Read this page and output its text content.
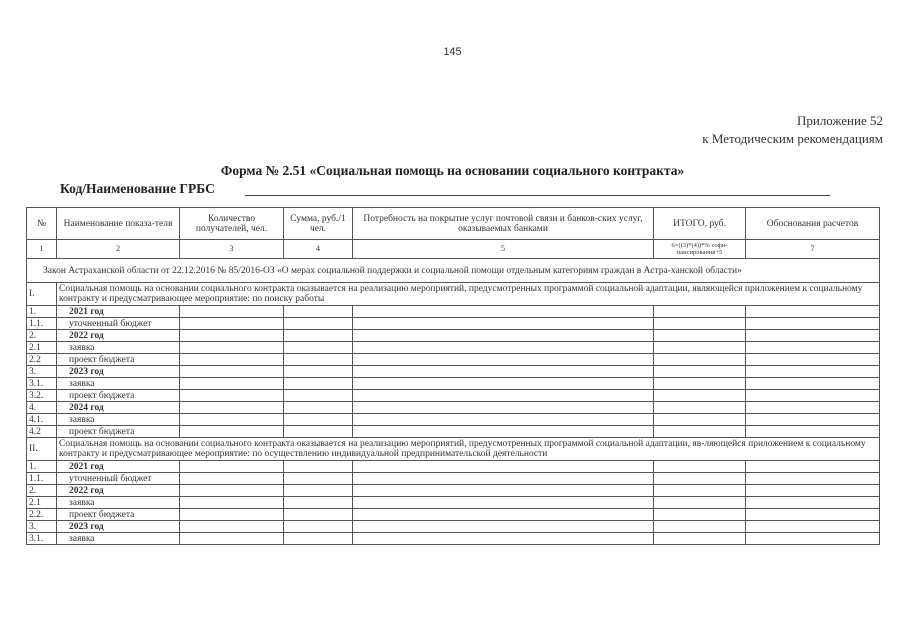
145
Приложение 52
к Методическим рекомендациям
Форма № 2.51 «Социальная помощь на основании социального контракта»
Код/Наименование ГРБС
№	Наименование показа-теля	Количество получателей, чел.	Сумма, руб./1 чел.	Потребность на покрытие услуг почтовой связи и банков-ских услуг, оказываемых банками	ИТОГО, руб.	Обоснования расчетов
1	2	3	4	5	6=((3)*(4))*% софи-нансирования+5	7
Закон Астраханской области от 22.12.2016 № 85/2016-ОЗ «О мерах социальной поддержки и социальной помощи отдельным категориям граждан в Астра-ханской области»						
I.	Социальная помощь на основании социального контракта оказывается на реализацию мероприятий, предусмотренных программой социальной адаптации, являющейся приложением к социальному контракту и предусматривающее мероприятие: по поиску работы					
1.	2021 год					
1.1.	уточненный бюджет					
2.	2022 год					
2.1	заявка					
2.2	проект бюджета					
3.	2023 год					
3.1.	заявка					
3.2.	проект бюджета					
4.	2024 год					
4.1.	заявка					
4.2	проект бюджета					
II.	Социальная помощь на основании социального контракта оказывается на реализацию мероприятий, предусмотренных программой социальной адаптации, яв-ляющейся приложением к социальному контракту и предусматривающее мероприятие: по осуществлению индивидуальной предпринимательской деятельности					
1.	2021 год					
1.1.	уточненный бюджет					
2.	2022 год					
2.1	заявка					
2.2.	проект бюджета					
3.	2023 год					
3.1.	заявка					
